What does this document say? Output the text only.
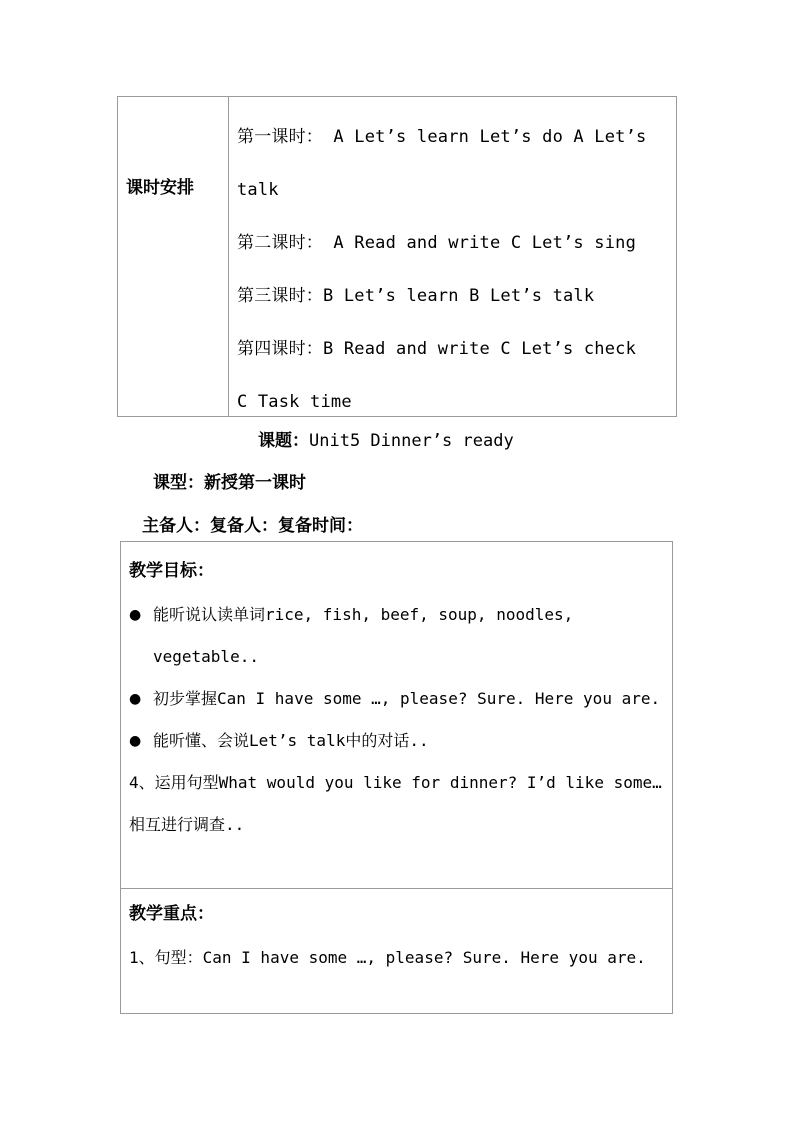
课时安排
第一课时： A Let’s learn Let’s do A Let’s
talk
第二课时： A Read and write C Let’s sing
第三课时：B Let’s learn B Let’s talk
第四课时：B Read and write C Let’s check
C Task time
课题：Unit5 Dinner’s ready
课型：新授第一课时
主备人：复备人：复备时间：
教学目标：
● 能听说认读单词rice, fish, beef, soup, noodles, vegetable..
● 初步掌握Can I have some …, please? Sure. Here you are.
● 能听懂、会说Let’s talk中的对话..
4、运用句型What would you like for dinner? I’d like some…相互进行调查..
教学重点：
1、句型：Can I have some …, please? Sure. Here you are.
